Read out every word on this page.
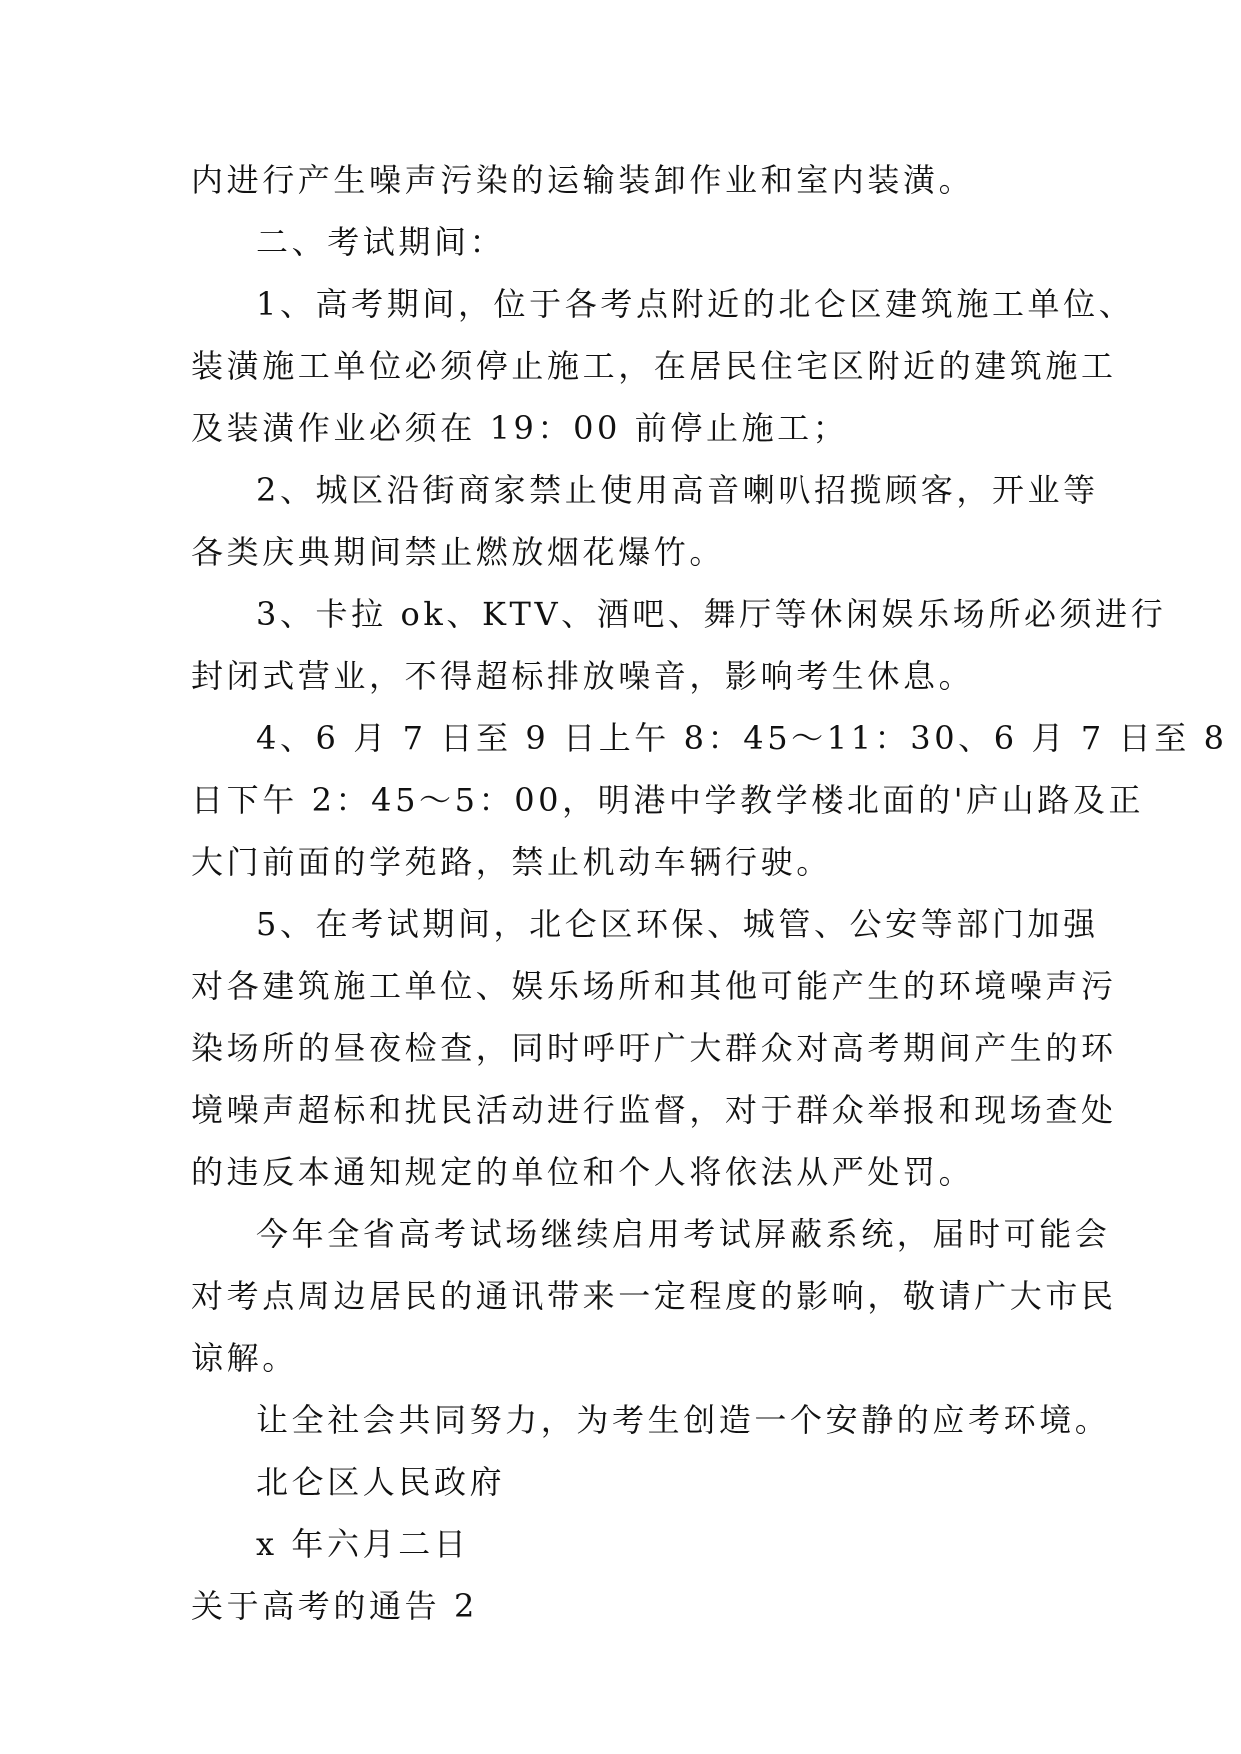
内进行产生噪声污染的运输装卸作业和室内装潢。
二、考试期间：
1、高考期间，位于各考点附近的北仑区建筑施工单位、
装潢施工单位必须停止施工，在居民住宅区附近的建筑施工
及装潢作业必须在 19：00 前停止施工；
2、城区沿街商家禁止使用高音喇叭招揽顾客，开业等
各类庆典期间禁止燃放烟花爆竹。
3、卡拉 ok、KTV、酒吧、舞厅等休闲娱乐场所必须进行
封闭式营业，不得超标排放噪音，影响考生休息。
4、6 月 7 日至 9 日上午 8：45～11：30、6 月 7 日至 8
日下午 2：45～5：00，明港中学教学楼北面的'庐山路及正
大门前面的学苑路，禁止机动车辆行驶。
5、在考试期间，北仑区环保、城管、公安等部门加强
对各建筑施工单位、娱乐场所和其他可能产生的环境噪声污
染场所的昼夜检查，同时呼吁广大群众对高考期间产生的环
境噪声超标和扰民活动进行监督，对于群众举报和现场查处
的违反本通知规定的单位和个人将依法从严处罚。
今年全省高考试场继续启用考试屏蔽系统，届时可能会
对考点周边居民的通讯带来一定程度的影响，敬请广大市民
谅解。
让全社会共同努力，为考生创造一个安静的应考环境。
北仑区人民政府
x 年六月二日
关于高考的通告 2
